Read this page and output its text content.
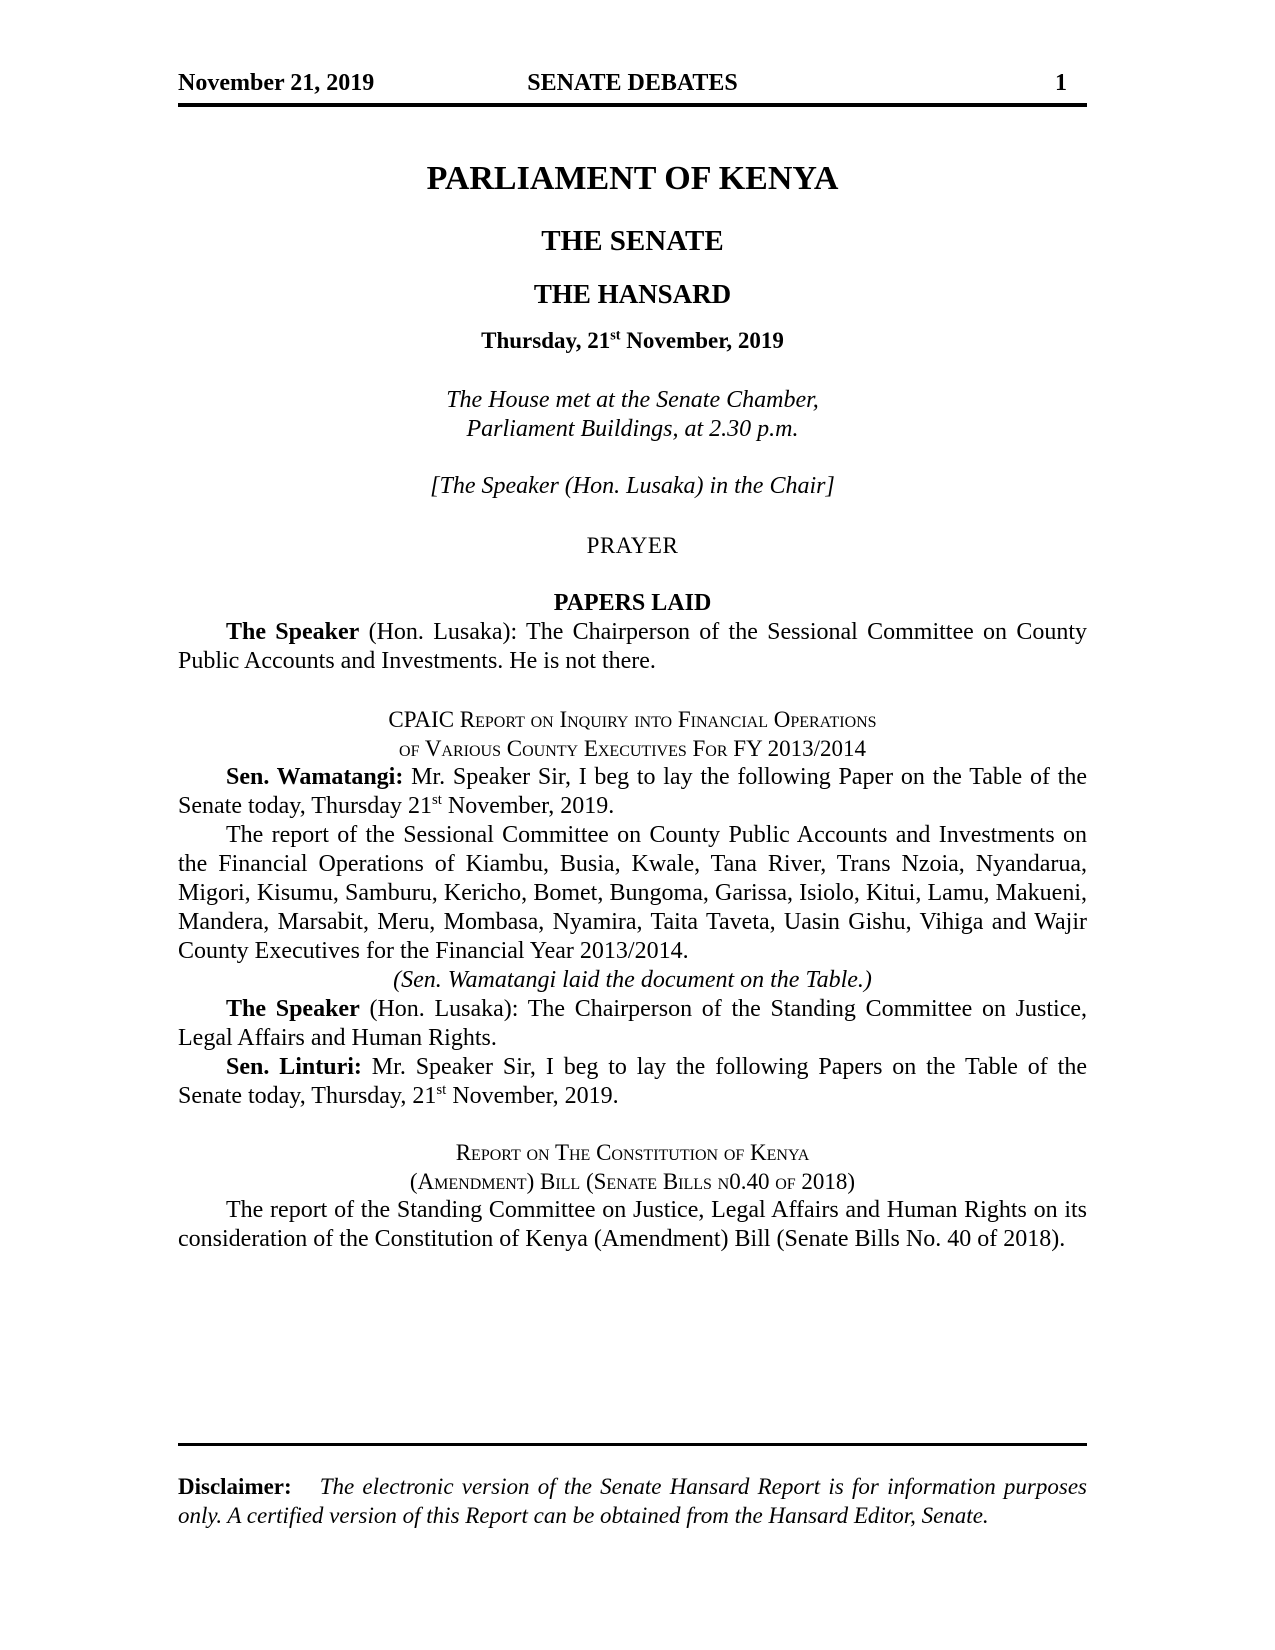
November 21, 2019	SENATE DEBATES	1
PARLIAMENT OF KENYA
THE SENATE
THE HANSARD
Thursday, 21st November, 2019
The House met at the Senate Chamber,
Parliament Buildings, at 2.30 p.m.
[The Speaker (Hon. Lusaka) in the Chair]
PRAYER
PAPERS LAID

The Speaker (Hon. Lusaka): The Chairperson of the Sessional Committee on County Public Accounts and Investments. He is not there.

CPAIC Report on Inquiry into Financial Operations
of Various County Executives For FY 2013/2014

Sen. Wamatangi: Mr. Speaker Sir, I beg to lay the following Paper on the Table of the Senate today, Thursday 21st November, 2019.

The report of the Sessional Committee on County Public Accounts and Investments on the Financial Operations of Kiambu, Busia, Kwale, Tana River, Trans Nzoia, Nyandarua, Migori, Kisumu, Samburu, Kericho, Bomet, Bungoma, Garissa, Isiolo, Kitui, Lamu, Makueni, Mandera, Marsabit, Meru, Mombasa, Nyamira, Taita Taveta, Uasin Gishu, Vihiga and Wajir County Executives for the Financial Year 2013/2014.

(Sen. Wamatangi laid the document on the Table.)

The Speaker (Hon. Lusaka): The Chairperson of the Standing Committee on Justice, Legal Affairs and Human Rights.

Sen. Linturi: Mr. Speaker Sir, I beg to lay the following Papers on the Table of the Senate today, Thursday, 21st November, 2019.

Report on The Constitution of Kenya
(Amendment) Bill (Senate Bills n0.40 of 2018)

The report of the Standing Committee on Justice, Legal Affairs and Human Rights on its consideration of the Constitution of Kenya (Amendment) Bill (Senate Bills No. 40 of 2018).

Disclaimer: The electronic version of the Senate Hansard Report is for information purposes only. A certified version of this Report can be obtained from the Hansard Editor, Senate.
